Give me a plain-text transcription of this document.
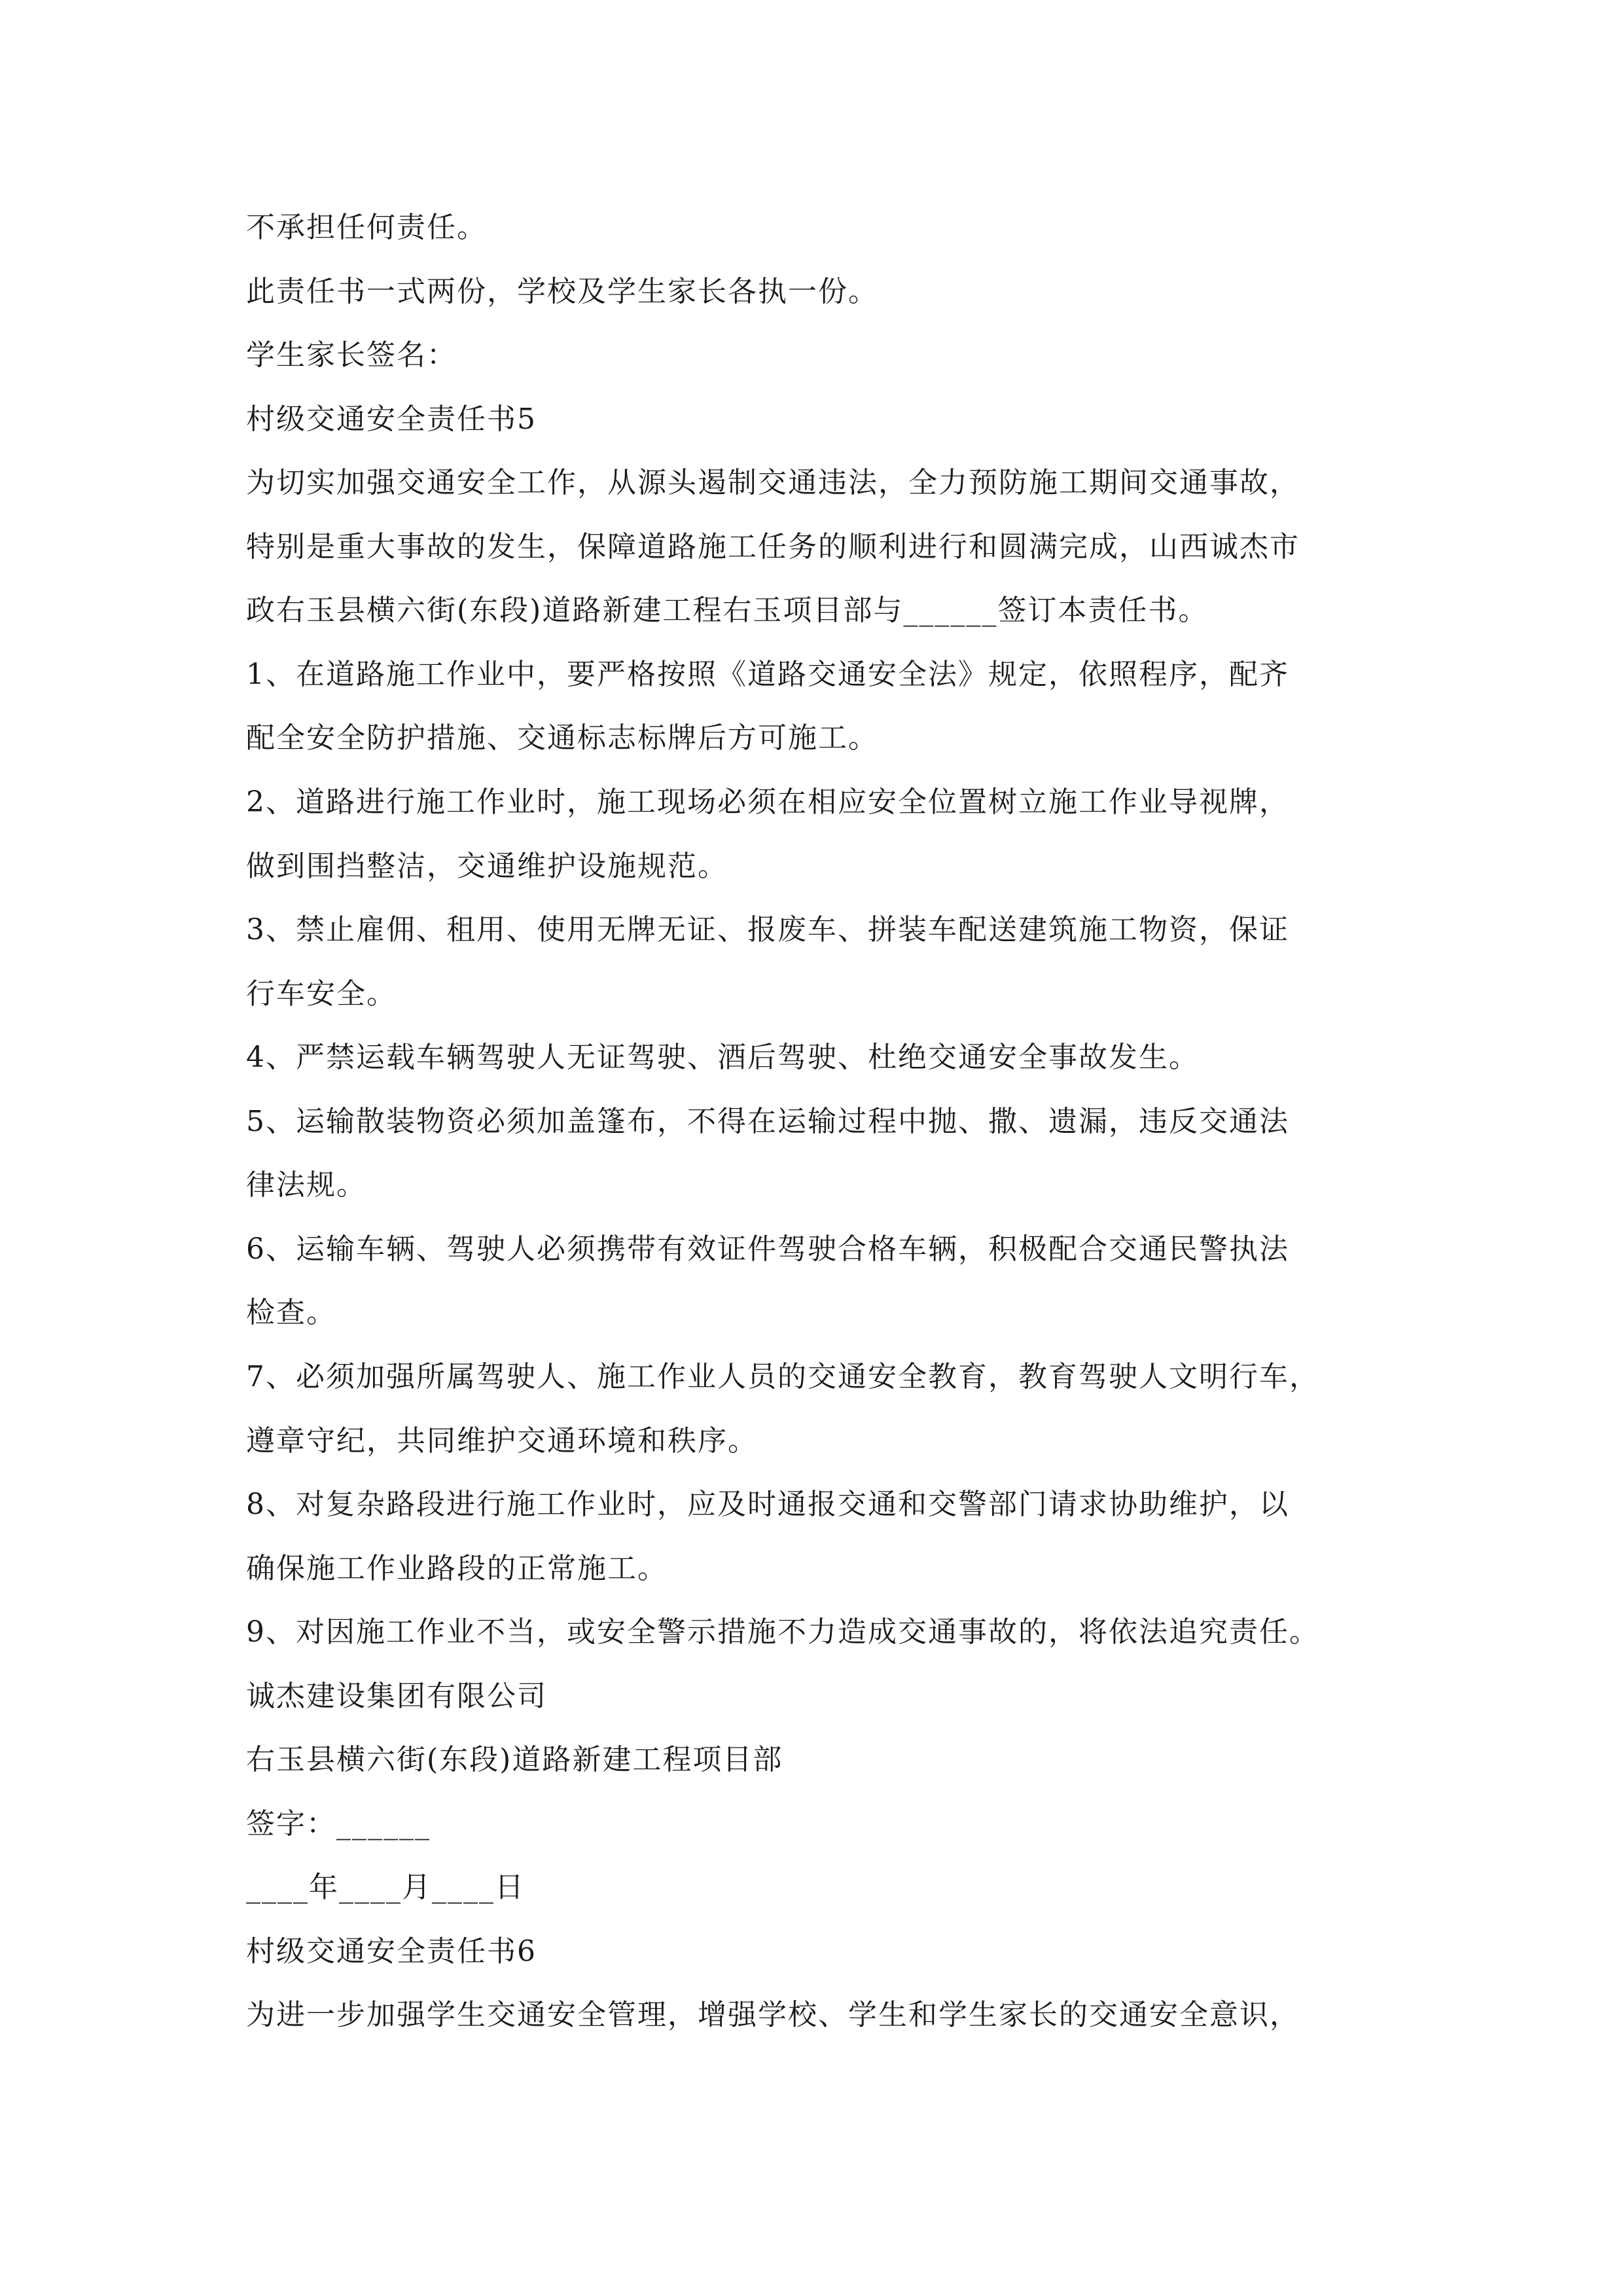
不承担任何责任。
此责任书一式两份，学校及学生家长各执一份。
学生家长签名：
村级交通安全责任书5
为切实加强交通安全工作，从源头遏制交通违法，全力预防施工期间交通事故，
特别是重大事故的发生，保障道路施工任务的顺利进行和圆满完成，山西诚杰市
政右玉县横六街(东段)道路新建工程右玉项目部与______签订本责任书。
1、在道路施工作业中，要严格按照《道路交通安全法》规定，依照程序，配齐
配全安全防护措施、交通标志标牌后方可施工。
2、道路进行施工作业时，施工现场必须在相应安全位置树立施工作业导视牌，
做到围挡整洁，交通维护设施规范。
3、禁止雇佣、租用、使用无牌无证、报废车、拼装车配送建筑施工物资，保证
行车安全。
4、严禁运载车辆驾驶人无证驾驶、酒后驾驶、杜绝交通安全事故发生。
5、运输散装物资必须加盖篷布，不得在运输过程中抛、撒、遗漏，违反交通法
律法规。
6、运输车辆、驾驶人必须携带有效证件驾驶合格车辆，积极配合交通民警执法
检查。
7、必须加强所属驾驶人、施工作业人员的交通安全教育，教育驾驶人文明行车，
遵章守纪，共同维护交通环境和秩序。
8、对复杂路段进行施工作业时，应及时通报交通和交警部门请求协助维护，以
确保施工作业路段的正常施工。
9、对因施工作业不当，或安全警示措施不力造成交通事故的，将依法追究责任。
诚杰建设集团有限公司
右玉县横六街(东段)道路新建工程项目部
签字：______
____年____月____日
村级交通安全责任书6
为进一步加强学生交通安全管理，增强学校、学生和学生家长的交通安全意识，
